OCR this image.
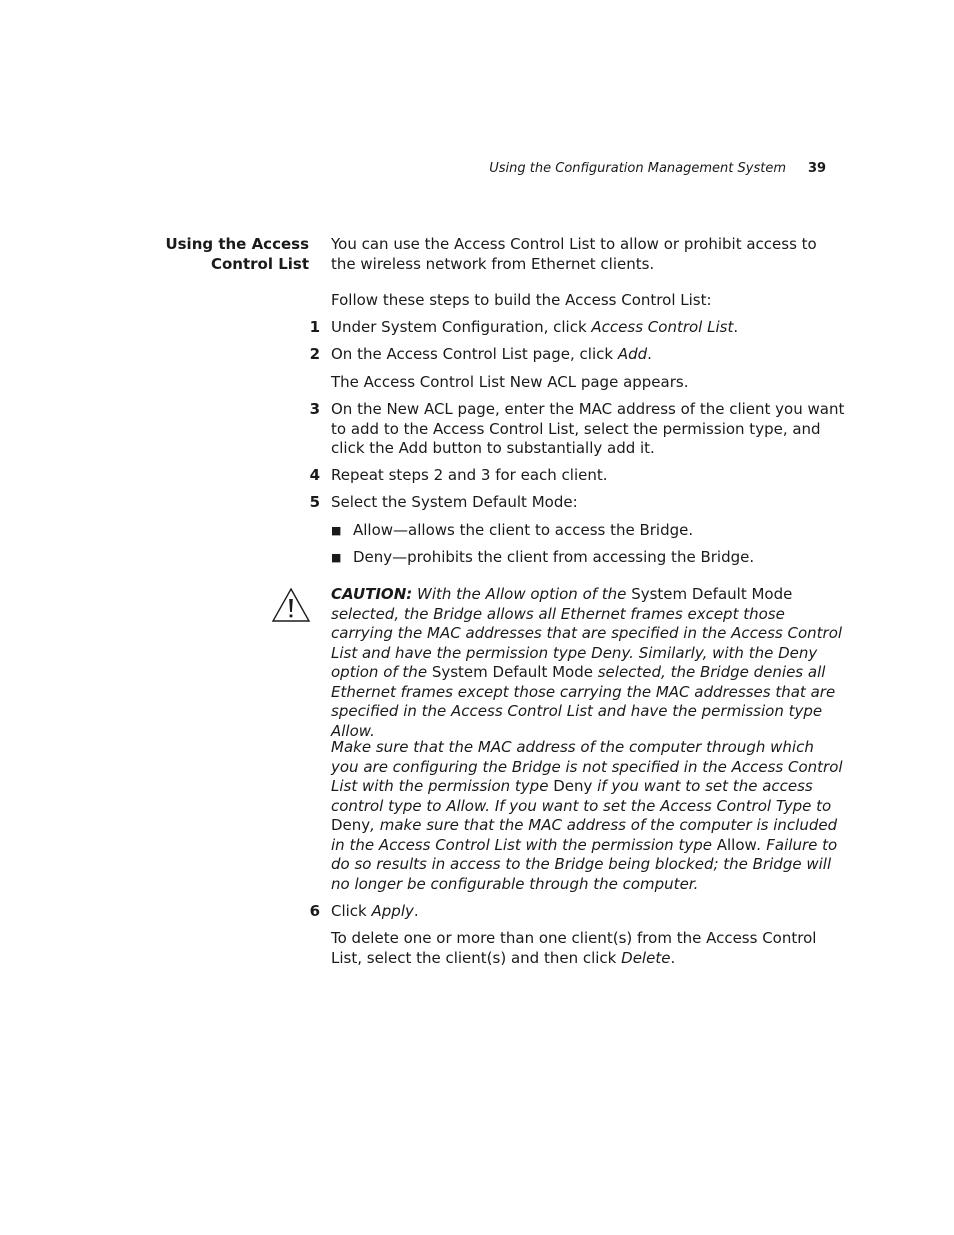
Using the Configuration Management System 39
Using the Access
Control List
You can use the Access Control List to allow or prohibit access to the wireless network from Ethernet clients.
Follow these steps to build the Access Control List:
1 Under System Configuration, click Access Control List.
2 On the Access Control List page, click Add.
The Access Control List New ACL page appears.
3 On the New ACL page, enter the MAC address of the client you want to add to the Access Control List, select the permission type, and click the Add button to substantially add it.
4 Repeat steps 2 and 3 for each client.
5 Select the System Default Mode:
■ Allow—allows the client to access the Bridge.
■ Deny—prohibits the client from accessing the Bridge.
CAUTION: With the Allow option of the System Default Mode selected, the Bridge allows all Ethernet frames except those carrying the MAC addresses that are specified in the Access Control List and have the permission type Deny. Similarly, with the Deny option of the System Default Mode selected, the Bridge denies all Ethernet frames except those carrying the MAC addresses that are specified in the Access Control List and have the permission type Allow.
Make sure that the MAC address of the computer through which you are configuring the Bridge is not specified in the Access Control List with the permission type Deny if you want to set the access control type to Allow. If you want to set the Access Control Type to Deny, make sure that the MAC address of the computer is included in the Access Control List with the permission type Allow. Failure to do so results in access to the Bridge being blocked; the Bridge will no longer be configurable through the computer.
6 Click Apply.
To delete one or more than one client(s) from the Access Control List, select the client(s) and then click Delete.
